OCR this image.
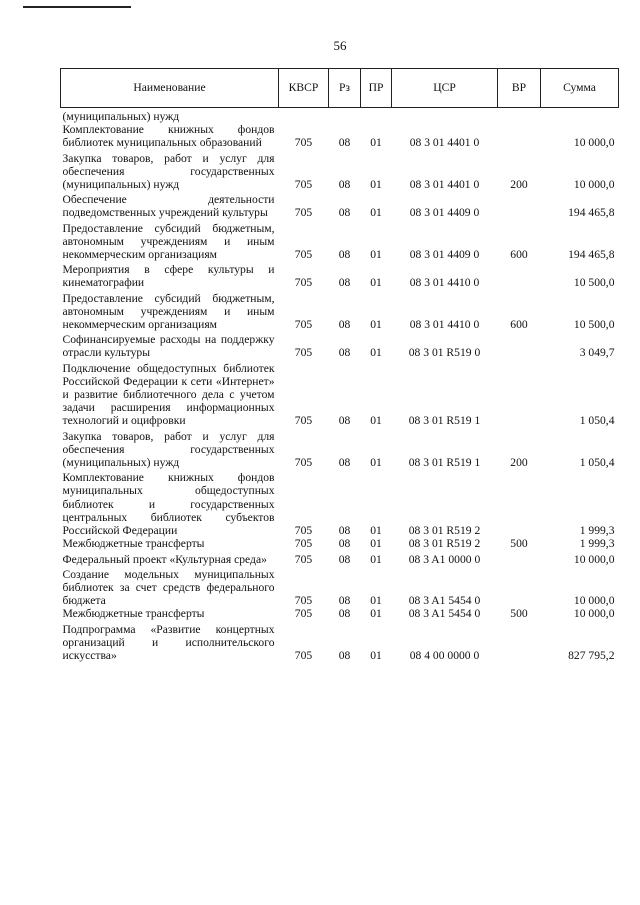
56
Наименование	КВСР	Рз	ПР	ЦСР	ВР	Сумма
(муниципальных) нужд						
Комплектование книжных фондов библиотек муниципальных образований	705	08	01	08 3 01 4401 0		10 000,0
Закупка товаров, работ и услуг для обеспечения государственных (муниципальных) нужд	705	08	01	08 3 01 4401 0	200	10 000,0
Обеспечение деятельности подведомственных учреждений культуры	705	08	01	08 3 01 4409 0		194 465,8
Предоставление субсидий бюджетным, автономным учреждениям и иным некоммерческим организациям	705	08	01	08 3 01 4409 0	600	194 465,8
Мероприятия в сфере культуры и кинематографии	705	08	01	08 3 01 4410 0		10 500,0
Предоставление субсидий бюджетным, автономным учреждениям и иным некоммерческим организациям	705	08	01	08 3 01 4410 0	600	10 500,0
Софинансируемые расходы на поддержку отрасли культуры	705	08	01	08 3 01 R519 0		3 049,7
Подключение общедоступных библиотек Российской Федерации к сети «Интернет» и развитие библиотечного дела с учетом задачи расширения информационных технологий и оцифровки	705	08	01	08 3 01 R519 1		1 050,4
Закупка товаров, работ и услуг для обеспечения государственных (муниципальных) нужд	705	08	01	08 3 01 R519 1	200	1 050,4
Комплектование книжных фондов муниципальных общедоступных библиотек и государственных центральных библиотек субъектов Российской Федерации	705	08	01	08 3 01 R519 2		1 999,3
Межбюджетные трансферты	705	08	01	08 3 01 R519 2	500	1 999,3
Федеральный проект «Культурная среда»	705	08	01	08 3 A1 0000 0		10 000,0
Создание модельных муниципальных библиотек за счет средств федерального бюджета	705	08	01	08 3 A1 5454 0		10 000,0
Межбюджетные трансферты	705	08	01	08 3 A1 5454 0	500	10 000,0
Подпрограмма «Развитие концертных организаций и исполнительского искусства»	705	08	01	08 4 00 0000 0		827 795,2
